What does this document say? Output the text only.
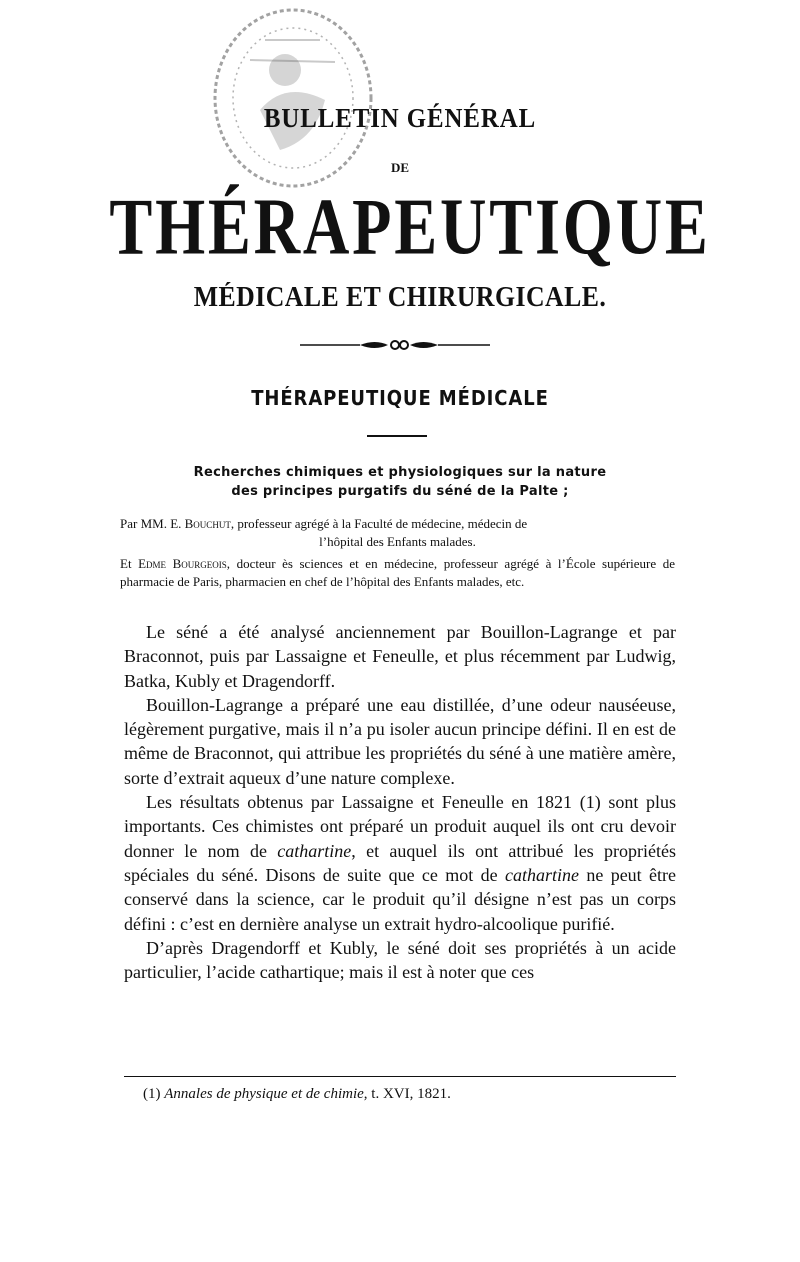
BULLETIN GÉNÉRAL
DE
THÉRAPEUTIQUE
MÉDICALE ET CHIRURGICALE.
THÉRAPEUTIQUE MÉDICALE
Recherches chimiques et physiologiques sur la nature
des principes purgatifs du séné de la Palte ;
Par MM. E. Bouchut, professeur agrégé à la Faculté de médecine, médecin de
l’hôpital des Enfants malades.
Et Edme Bourgeois, docteur ès sciences et en médecine, professeur agrégé à l’École supérieure de pharmacie de Paris, pharmacien en chef de l’hôpital des Enfants malades, etc.

Le séné a été analysé anciennement par Bouillon-Lagrange et par Braconnot, puis par Lassaigne et Feneulle, et plus récemment par Ludwig, Batka, Kubly et Dragendorff.

Bouillon-Lagrange a préparé une eau distillée, d’une odeur nauséeuse, légèrement purgative, mais il n’a pu isoler aucun principe défini. Il en est de même de Braconnot, qui attribue les propriétés du séné à une matière amère, sorte d’extrait aqueux d’une nature complexe.

Les résultats obtenus par Lassaigne et Feneulle en 1821 (1) sont plus importants. Ces chimistes ont préparé un produit auquel ils ont cru devoir donner le nom de cathartine, et auquel ils ont attribué les propriétés spéciales du séné. Disons de suite que ce mot de cathartine ne peut être conservé dans la science, car le produit qu’il désigne n’est pas un corps défini : c’est en dernière analyse un extrait hydro-alcoolique purifié.

D’après Dragendorff et Kubly, le séné doit ses propriétés à un acide particulier, l’acide cathartique; mais il est à noter que ces

(1) Annales de physique et de chimie, t. XVI, 1821.
